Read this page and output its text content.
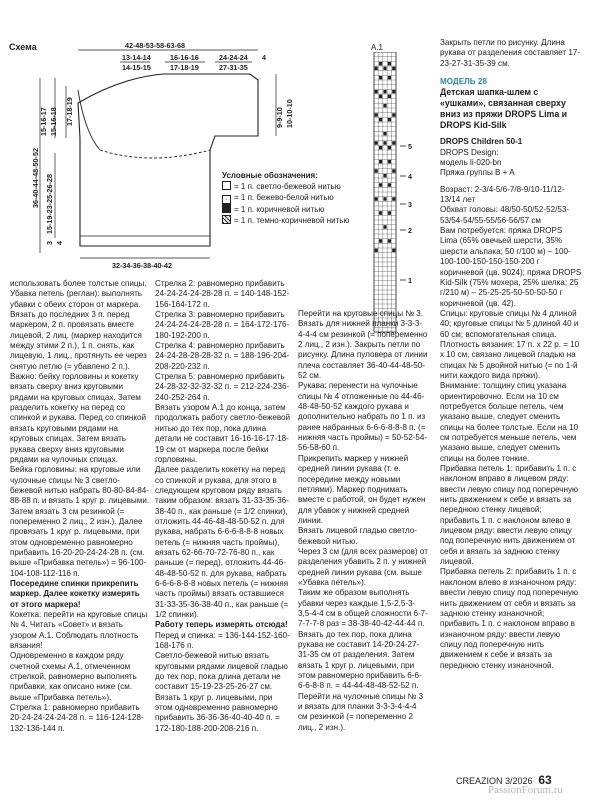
Схема	42-48-53-58-63-68
13-14-14
14-15-15
16-16-16
17-18-19
24-24-24
27-31-35
4
15-16-17 15-16-18 17-18-19
36-40-44-48-50-52 15-19-23-25-26-28
3 4
9-9-10 10-10-10
32-34-36-38-40-42
Условные обозначения:
= 1 п. светло-бежевой нитью
· = 1 п. бежево-белой нитью
= 1 п. коричневой нитью
= 1 п. темно-коричневой нитью
A.1
5
4
3
2
1

использовать более толстые спицы.

Убавка петель (реглан): выполнять убавки с обеих сторон от маркера. Вязать до последних 3 п. перед маркером, 2 п. провязать вместе лицевой, 2 лиц. (маркер находится между этими 2 п.), 1 п. снять, как лицевую, 1 лиц., протянуть ее через снятую петлю (= убавлено 2 п.).

Важно: бейку горловины и кокетку вязать сверху вниз круговыми рядами на круговых спицах. Затем разделить кокетку на перед со спинкой и рукава. Перед со спинкой вязать круговыми рядами на круговых спицах. Затем вязать рукава сверху вниз круговыми рядами на чулочных спицах.

Бейка горловины: на круговые или чулочные спицы № 3 светло-бежевой нитью набрать 80-80-84-84-88-88 п. и вязать 1 круг р. лицевыми. Затем вязать 3 см резинкой (= попеременно 2 лиц., 2 изн.). Далее провязать 1 круг р. лицевыми, при этом одновременно равномерно прибавить 16-20-20-24-24-28 п. (см. выше «Прибавка петель») = 96-100-104-108-112-116 п.

Посередине спинки прикрепить маркер. Далее кокетку измерять от этого маркера!

Кокетка: перейти на круговые спицы № 4. Читать «Совет» и вязать узором A.1. Соблюдать плотность вязания!

Одновременно в каждом ряду счетной схемы A.1, отмеченном стрелкой, равномерно выполнять прибавки, как описано ниже (см. выше «Прибавка петель»).

Стрелка 1: равномерно прибавить 20-24-24-24-24-28 п. = 116-124-128-132-136-144 п.

Стрелка 2: равномерно прибавить 24-24-24-24-28-28 п. = 140-148-152-156-164-172 п.

Стрелка 3: равномерно прибавить 24-24-24-24-28-28 п. = 164-172-176-180-192-200 п.

Стрелка 4: равномерно прибавить 24-24-28-28-28-32 п. = 188-196-204-208-220-232 п.

Стрелка 5: равномерно прибавить 24-28-32-32-32-32 п. = 212-224-236-240-252-264 п.

Вязать узором A.1 до конца, затем продолжать работу светло-бежевой нитью до тех пор, пока длина детали не составит 16-16-16-17-18-19 см от маркера после бейки горловины.

Далее разделить кокетку на перед со спинкой и рукава, для этого в следующем круговом ряду вязать таким образом: вязать 31-33-35-36-38-40 п., как раньше (= 1/2 спинки), отложить 44-46-48-48-50-52 п. для рукава, набрать 6-6-6-8-8-8 новых петель (= нижняя часть проймы), вязать 62-66-70-72-76-80 п., как раньше (= перед), отложить 44-46-48-48-50-52 п. для рукава, набрать 6-6-6-8-8-8 новых петель (= нижняя часть проймы) вязать оставшиеся 31-33-35-36-38-40 п., как раньше (= 1/2 спинки).

Работу теперь измерять отсюда!

Перед и спинка: = 136-144-152-160-168-176 п.

Светло-бежевой нитью вязать круговыми рядами лицевой гладью до тех пор, пока длина детали не составит 15-19-23-25-26-27 см.

Вязать 1 круг р. лицевыми, при этом одновременно равномерно прибавить 36-36-36-40-40-40 п. = 172-180-188-200-208-216 п.

Перейти на круговые спицы № 3.

Вязать для нижней планки 3-3-3-4-4-4 см резинкой (= попеременно 2 лиц., 2 изн.). Закрыть петли по рисунку. Длина пуловера от линии плеча составляет 36-40-44-48-50-52 см.

Рукава: перенести на чулочные спицы № 4 отложенные по 44-46-48-48-50-52 каждого рукава и дополнительно набрать по 1 п. из ранее набранных 6-6-6-8-8-8 п. (= нижняя часть проймы) = 50-52-54-56-58-60 п.

Прикрепить маркер у нижней средней линии рукава (т. е. посередине между новыми петлями). Маркер поднимать вместе с работой, он будет нужен для убавок у нижней средней линии.

Вязать лицевой гладью светло-бежевой нитью.

Через 3 см (для всех размеров) от разделения убавить 2 п. у нижней средней линии рукава (см. выше «Убавка петель»).

Таким же образом выполнять убавки через каждые 1,5-2,5-3-3,5-4-4 см в общей сложности 6-7-7-7-7-8 раз = 38-38-40-42-44-44 п.

Вязать до тех пор, пока длина рукава не составит 14-20-24-27-31-35 см от разделения. Затем вязать 1 круг р. лицевыми, при этом равномерно прибавить 6-6-6-6-8-8 п. = 44-44-48-48-52-52 п.

Перейти на чулочные спицы № 3 и вязать для планки 3-3-3-4-4-4 см резинкой (= попеременно 2 лиц., 2 изн.).

Закрыть петли по рисунку. Длина рукава от разделения составляет 17-23-27-31-35-39 см.

МОДЕЛЬ 28

Детская шапка-шлем с «ушками», связанная сверху вниз из пряжи DROPS Lima и DROPS Kid-Silk

DROPS Children 50-1

DROPS Design:

модель li-020-bn

Пряжа группы B + A

Возраст: 2-3/4-5/6-7/8-9/10-11/12-13/14 лет

Обхват головы: 48/50-50/52-52/53-53/54-54/55-55/56-56/57 см

Вам потребуется: пряжа DROPS Lima (65% овечьей шерсти, 35% шерсти альпака; 50 г/100 м) – 100-100-100-150-150-150-200 г коричневой (цв. 9024); пряжа DROPS Kid-Silk (75% мохера, 25% шелка; 25 г/210 м) – 25-25-25-50-50-50-50 г коричневой (цв. 42).

Спицы: круговые спицы № 4 длиной 40; круговые спицы № 5 длиной 40 и 60 см; вспомогательная спица.

Плотность вязания: 17 п. x 22 р. = 10 x 10 см, связано лицевой гладью на спицах № 5 двойной нитью (= по 1-й нити каждого вида пряжи).

Внимание: толщину спиц указана ориентировочно. Если на 10 см потребуется больше петель, чем указано выше, следует сменить спицы на более толстые. Если на 10 см потребуется меньше петель, чем указано выше, следует сменить спицы на более тонкие.

Прибавка петель 1: прибавить 1 п. с наклоном вправо в лицевом ряду: ввести левую спицу под поперечную нить движением к себе и вязать за переднюю стенку лицевой; прибавить 1 п. с наклоном влево в лицевом ряду: ввести левую спицу под поперечную нить движением от себя и вязать за заднюю стенку лицевой.

Прибавка петель 2: прибавить 1 п. с наклоном влево в изнаночном ряду: ввести левую спицу под поперечную нить движением от себя и вязать за заднюю стенку изнаночной; прибавить 1 п. с наклоном вправо в изнаночном ряду: ввести левую спицу под поперечную нить движением к себе и вязать за переднюю стенку изнаночной.

CREAZION 3/2026 63
PassionForum.ru
